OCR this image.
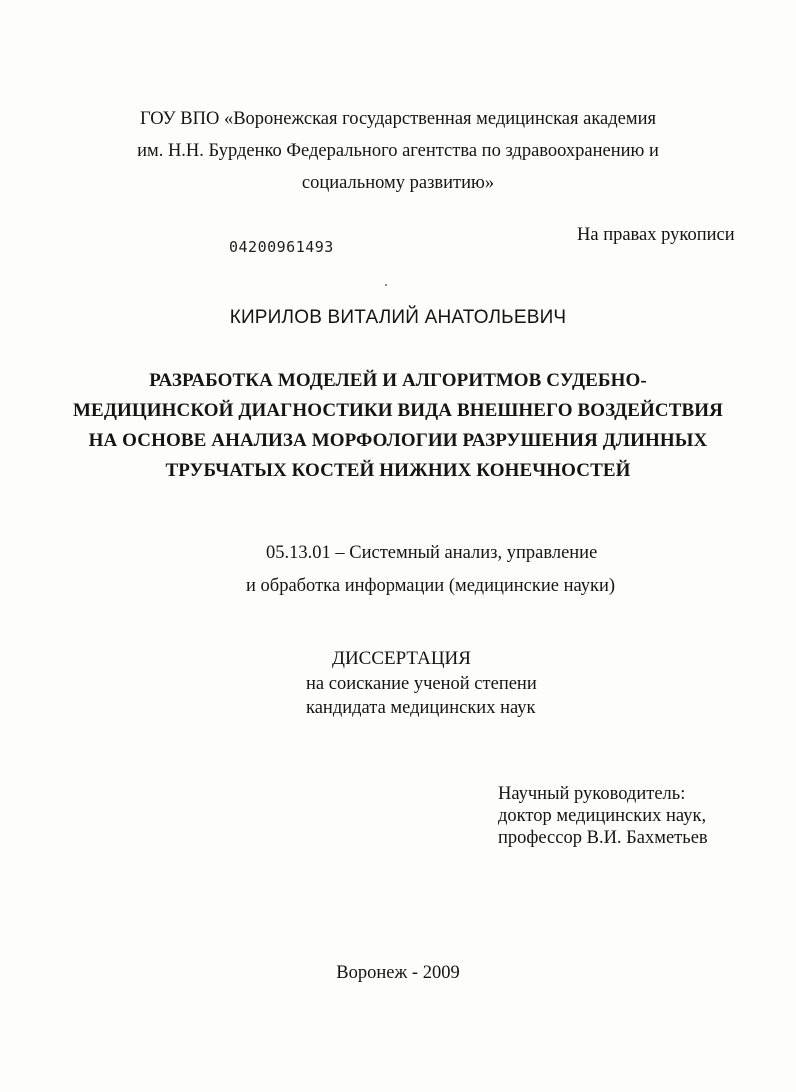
ГОУ ВПО «Воронежская государственная медицинская академия
им. Н.Н. Бурденко Федерального агентства по здравоохранению и
социальному развитию»
На правах рукописи
04200961493
КИРИЛОВ ВИТАЛИЙ АНАТОЛЬЕВИЧ
РАЗРАБОТКА МОДЕЛЕЙ И АЛГОРИТМОВ СУДЕБНО-
МЕДИЦИНСКОЙ ДИАГНОСТИКИ ВИДА ВНЕШНЕГО ВОЗДЕЙСТВИЯ
НА ОСНОВЕ АНАЛИЗА МОРФОЛОГИИ РАЗРУШЕНИЯ ДЛИННЫХ
ТРУБЧАТЫХ КОСТЕЙ НИЖНИХ КОНЕЧНОСТЕЙ
05.13.01 – Системный анализ, управление
и обработка информации (медицинские науки)
ДИССЕРТАЦИЯ
на соискание ученой степени
кандидата медицинских наук
Научный руководитель:
доктор медицинских наук,
профессор В.И. Бахметьев
Воронеж - 2009
